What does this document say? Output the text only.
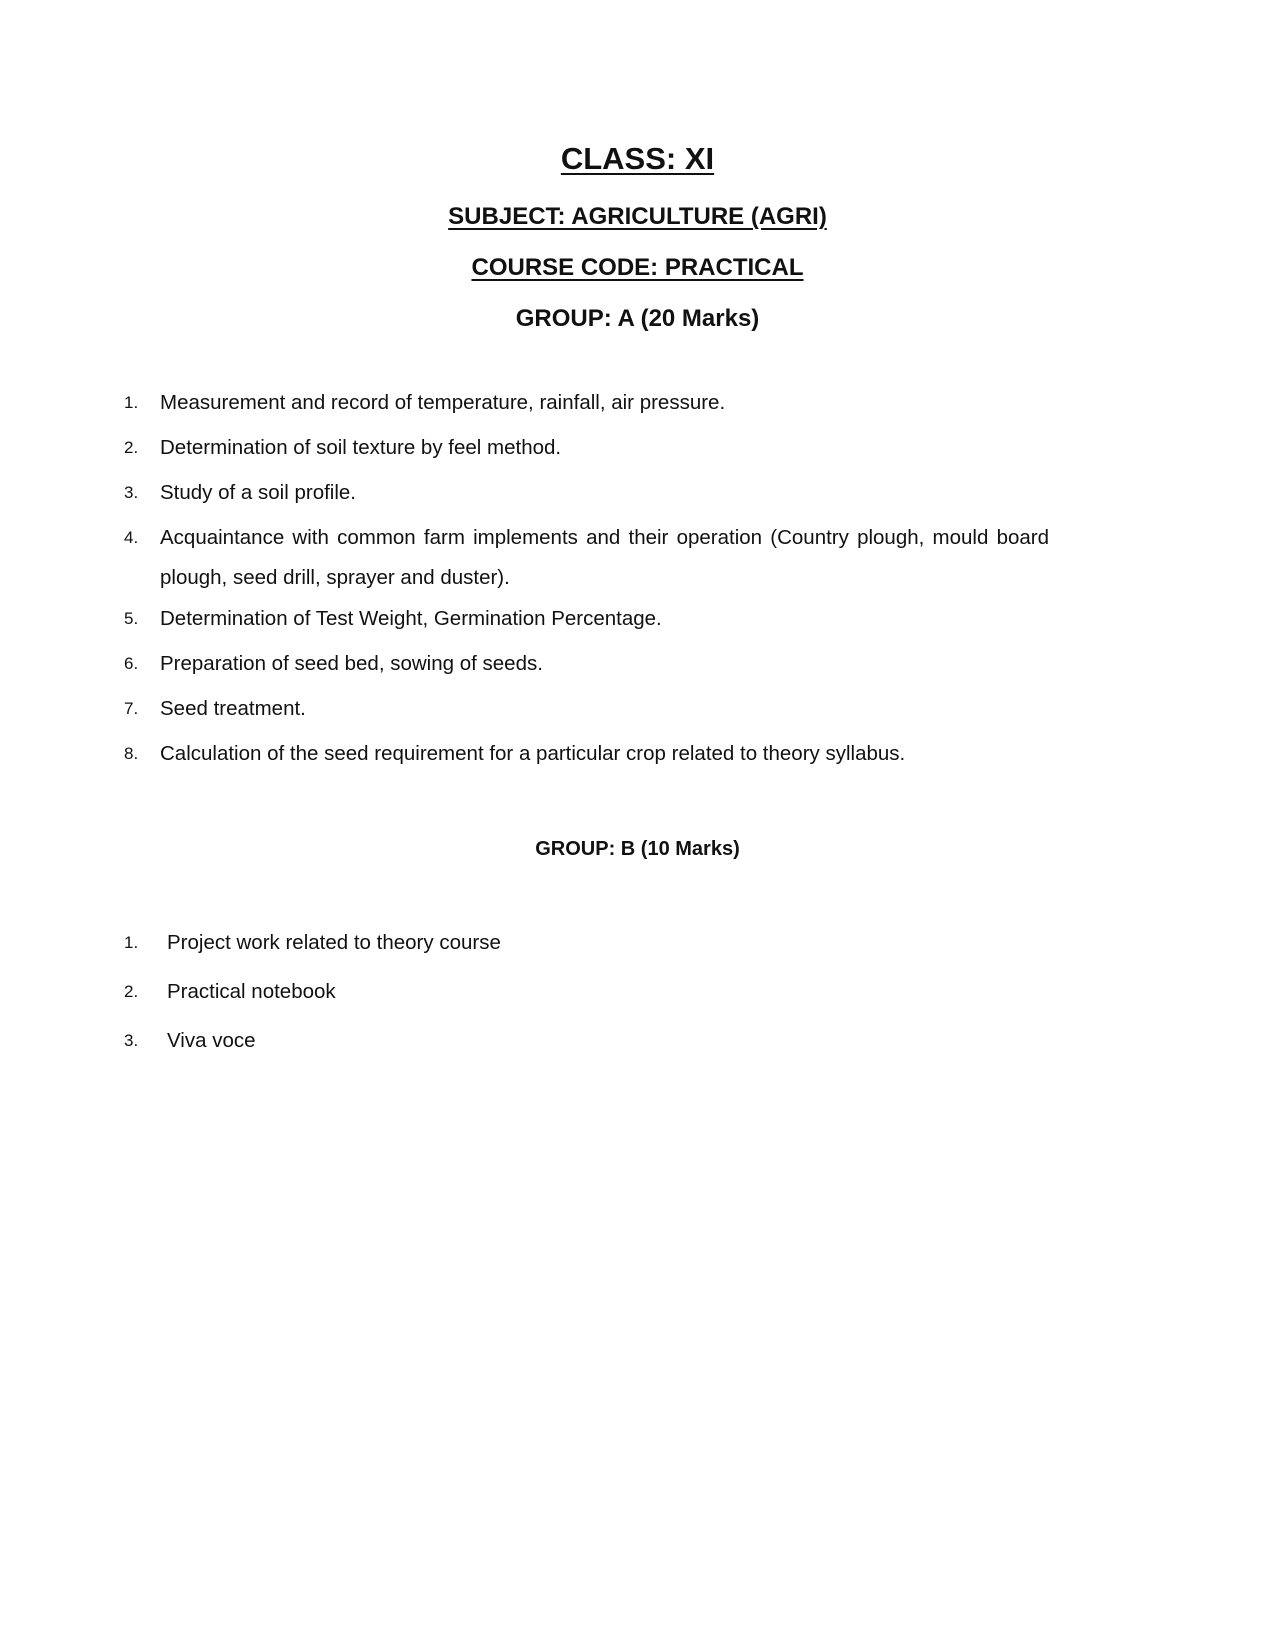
CLASS: XI
SUBJECT: AGRICULTURE (AGRI)
COURSE CODE: PRACTICAL
GROUP: A (20 Marks)
1. Measurement and record of temperature, rainfall, air pressure.
2. Determination of soil texture by feel method.
3. Study of a soil profile.
4. Acquaintance with common farm implements and their operation (Country plough, mould board plough, seed drill, sprayer and duster).
5. Determination of Test Weight, Germination Percentage.
6. Preparation of seed bed, sowing of seeds.
7. Seed treatment.
8. Calculation of the seed requirement for a particular crop related to theory syllabus.
GROUP: B (10 Marks)
1. Project work related to theory course
2. Practical notebook
3. Viva voce
